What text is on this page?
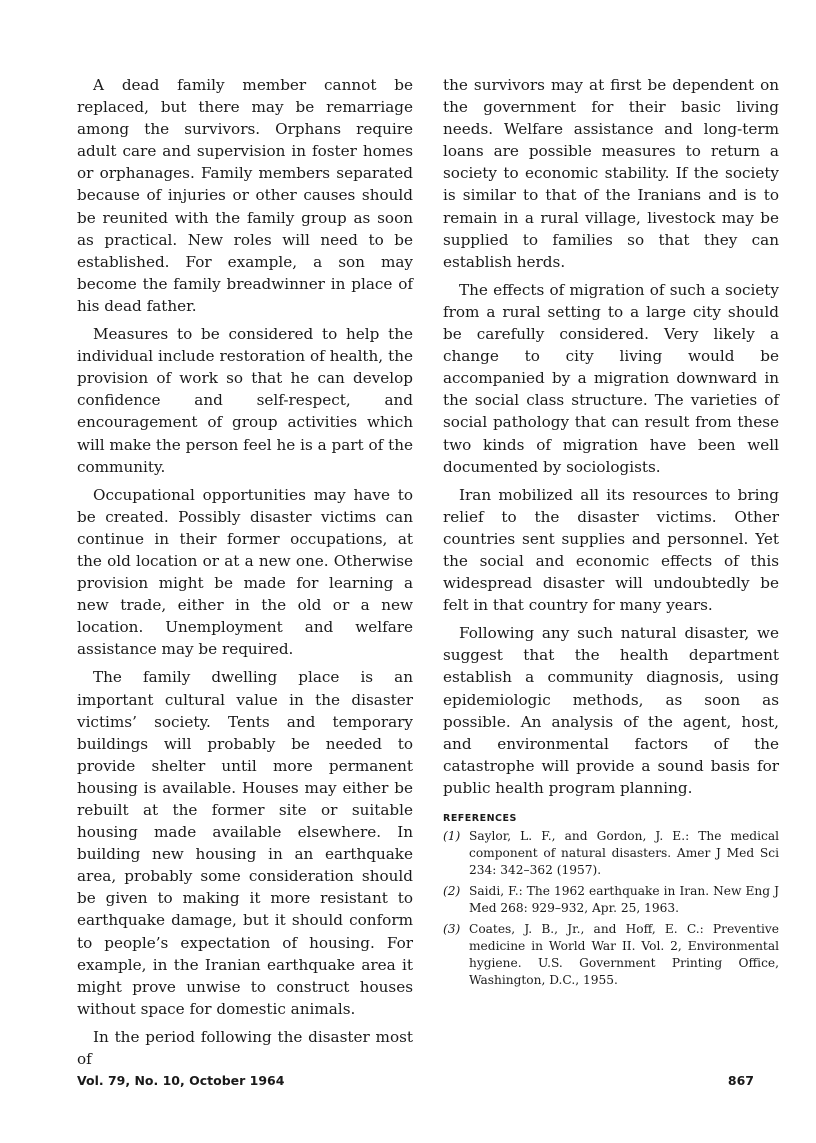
A dead family member cannot be replaced, but there may be remarriage among the survivors. Orphans require adult care and supervision in foster homes or orphanages. Family members separated because of injuries or other causes should be reunited with the family group as soon as practical. New roles will need to be established. For example, a son may become the family breadwinner in place of his dead father.

Measures to be considered to help the individual include restoration of health, the provision of work so that he can develop confidence and self-respect, and encouragement of group activities which will make the person feel he is a part of the community.

Occupational opportunities may have to be created. Possibly disaster victims can continue in their former occupations, at the old location or at a new one. Otherwise provision might be made for learning a new trade, either in the old or a new location. Unemployment and welfare assistance may be required.

The family dwelling place is an important cultural value in the disaster victims’ society. Tents and temporary buildings will probably be needed to provide shelter until more permanent housing is available. Houses may either be rebuilt at the former site or suitable housing made available elsewhere. In building new housing in an earthquake area, probably some consideration should be given to making it more resistant to earthquake damage, but it should conform to people’s expectation of housing. For example, in the Iranian earthquake area it might prove unwise to construct houses without space for domestic animals.

In the period following the disaster most of

the survivors may at first be dependent on the government for their basic living needs. Welfare assistance and long-term loans are possible measures to return a society to economic stability. If the society is similar to that of the Iranians and is to remain in a rural village, livestock may be supplied to families so that they can establish herds.

The effects of migration of such a society from a rural setting to a large city should be carefully considered. Very likely a change to city living would be accompanied by a migration downward in the social class structure. The varieties of social pathology that can result from these two kinds of migration have been well documented by sociologists.

Iran mobilized all its resources to bring relief to the disaster victims. Other countries sent supplies and personnel. Yet the social and economic effects of this widespread disaster will undoubtedly be felt in that country for many years.

Following any such natural disaster, we suggest that the health department establish a community diagnosis, using epidemiologic methods, as soon as possible. An analysis of the agent, host, and environmental factors of the catastrophe will provide a sound basis for public health program planning.

REFERENCES
(1) Saylor, L. F., and Gordon, J. E.: The medical component of natural disasters. Amer J Med Sci 234: 342–362 (1957).
(2) Saidi, F.: The 1962 earthquake in Iran. New Eng J Med 268: 929–932, Apr. 25, 1963.
(3) Coates, J. B., Jr., and Hoff, E. C.: Preventive medicine in World War II. Vol. 2, Environmental hygiene. U.S. Government Printing Office, Washington, D.C., 1955.
Vol. 79, No. 10, October 1964	867
